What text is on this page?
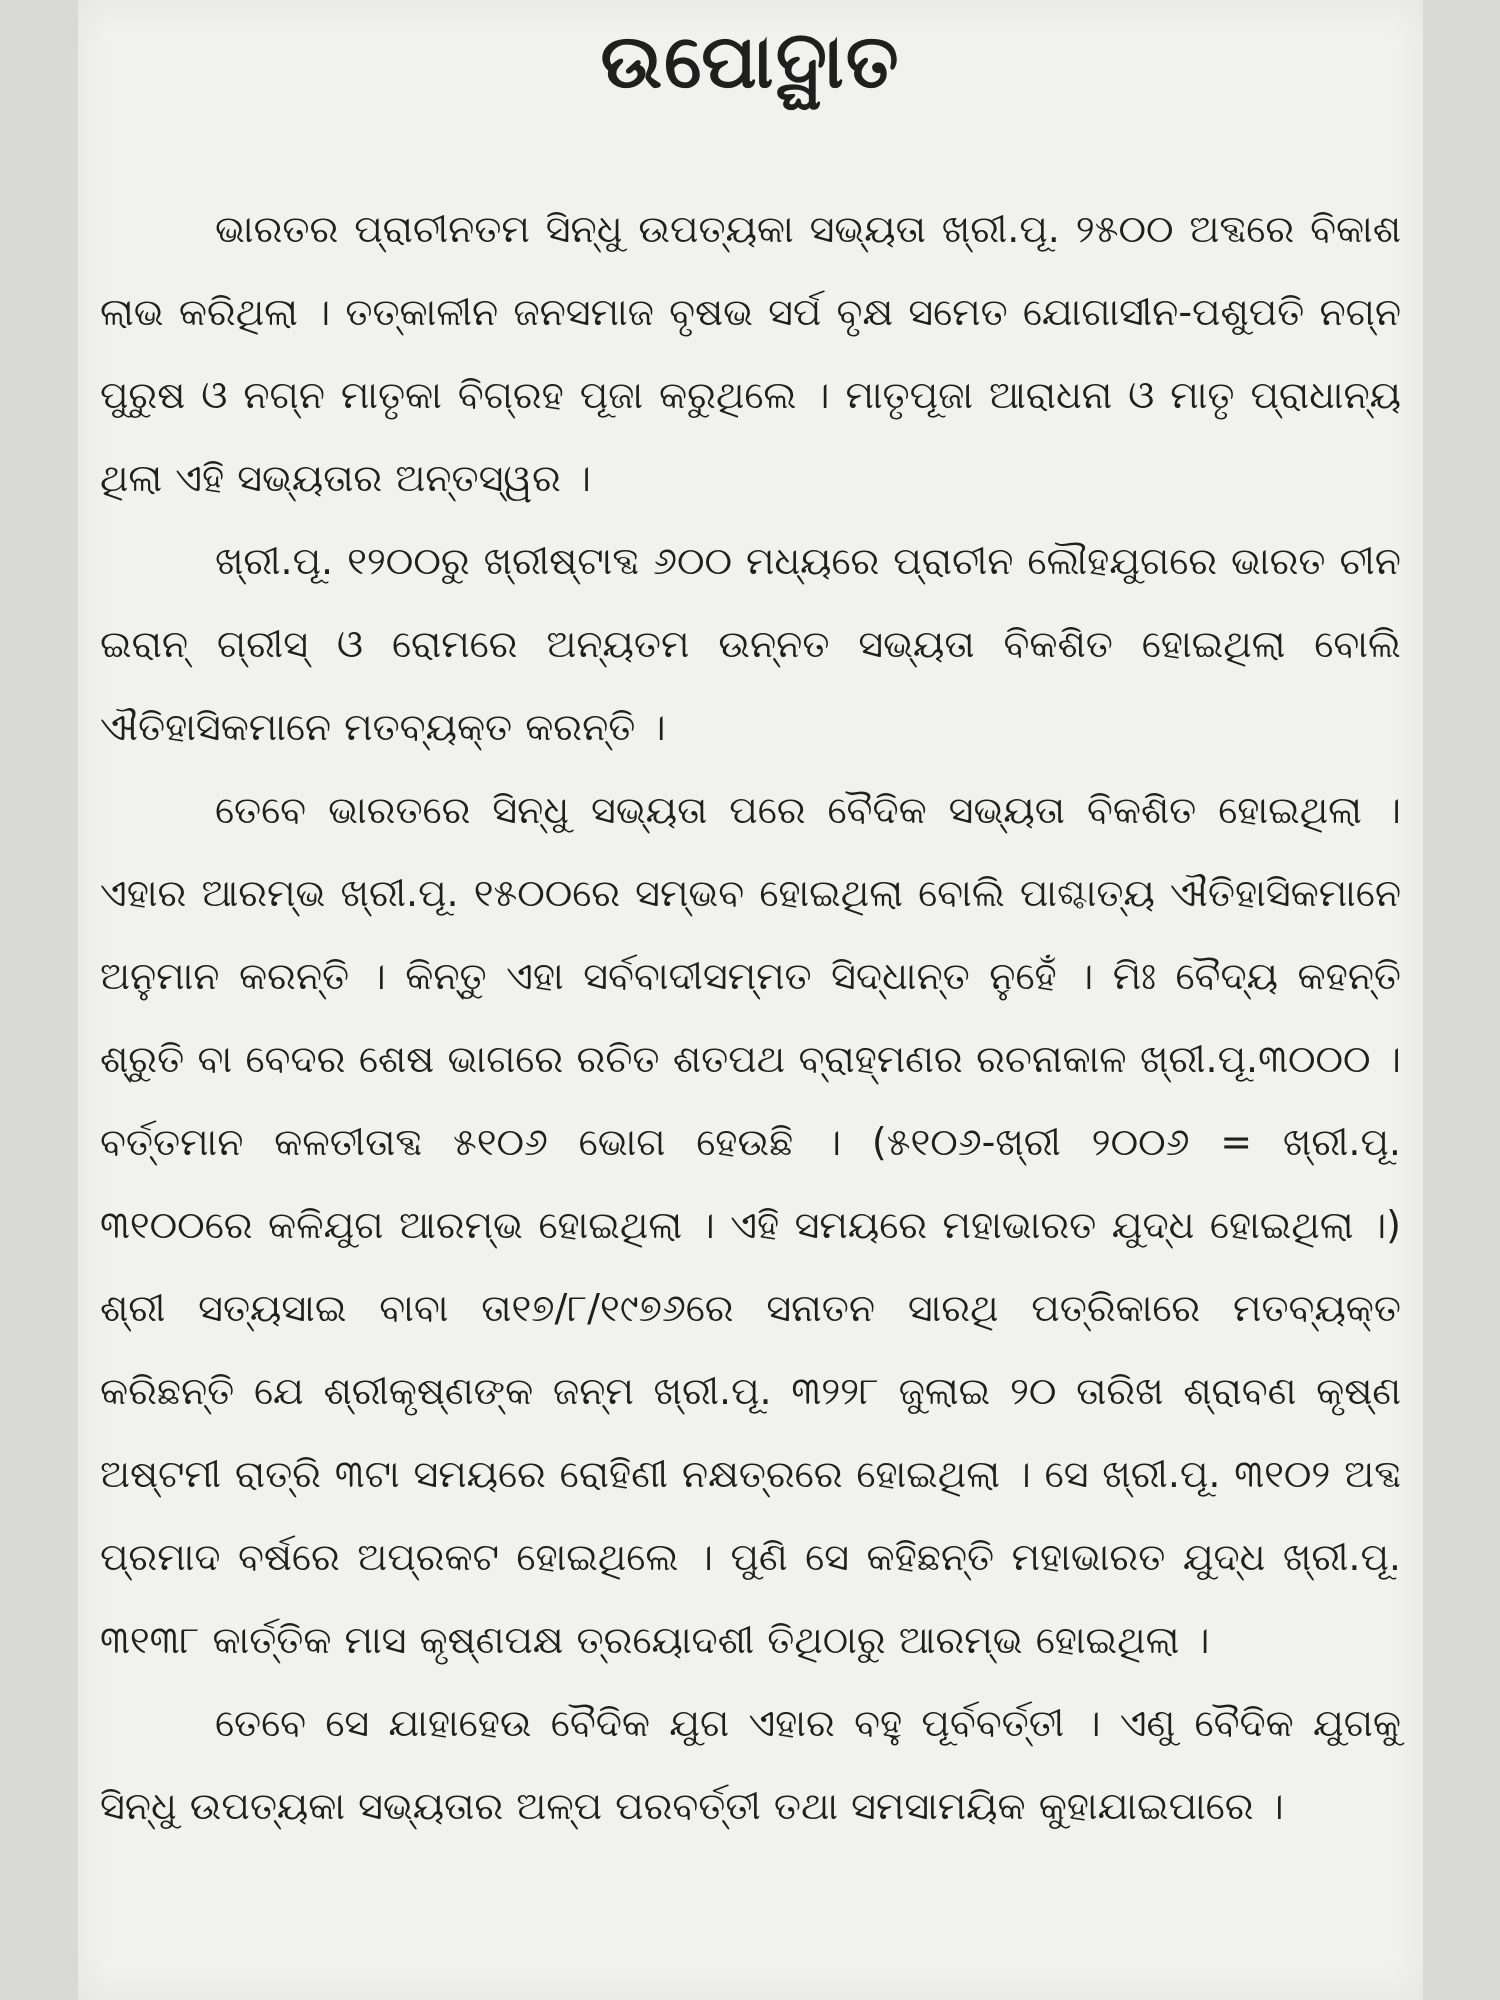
ଉପୋଦ୍ଘାତ

ଭାରତର ପ୍ରାଚୀନତମ ସିନ୍ଧୁ ଉପତ୍ୟକା ସଭ୍ୟତା ଖ୍ରୀ.ପୂ. ୨୫୦୦ ଅବ୍ଦରେ ବିକାଶ ଲାଭ କରିଥିଲା । ତତ୍କାଳୀନ ଜନସମାଜ ବୃଷଭ ସର୍ପ ବୃକ୍ଷ ସମେତ ଯୋଗାସୀନ-ପଶୁପତି ନଗ୍ନ ପୁରୁଷ ଓ ନଗ୍ନ ମାତୃକା ବିଗ୍ରହ ପୂଜା କରୁଥିଲେ । ମାତୃପୂଜା ଆରାଧନା ଓ ମାତୃ ପ୍ରାଧାନ୍ୟ ଥିଲା ଏହି ସଭ୍ୟତାର ଅନ୍ତସ୍ୱର ।

ଖ୍ରୀ.ପୂ. ୧୨୦୦ରୁ ଖ୍ରୀଷ୍ଟାବ୍ଦ ୬୦୦ ମଧ୍ୟରେ ପ୍ରାଚୀନ ଲୌହଯୁଗରେ ଭାରତ ଚୀନ ଇରାନ୍ ଗ୍ରୀସ୍ ଓ ରୋମରେ ଅନ୍ୟତମ ଉନ୍ନତ ସଭ୍ୟତା ବିକଶିତ ହୋଇଥିଲା ବୋଲି ଐତିହାସିକମାନେ ମତବ୍ୟକ୍ତ କରନ୍ତି ।

ତେବେ ଭାରତରେ ସିନ୍ଧୁ ସଭ୍ୟତା ପରେ ବୈଦିକ ସଭ୍ୟତା ବିକଶିତ ହୋଇଥିଲା । ଏହାର ଆରମ୍ଭ ଖ୍ରୀ.ପୂ. ୧୫୦୦ରେ ସମ୍ଭବ ହୋଇଥିଲା ବୋଲି ପାଶ୍ଚାତ୍ୟ ଐତିହାସିକମାନେ ଅନୁମାନ କରନ୍ତି । କିନ୍ତୁ ଏହା ସର୍ବବାଦୀସମ୍ମତ ସିଦ୍ଧାନ୍ତ ନୁହେଁ । ମିଃ ବୈଦ୍ୟ କହନ୍ତି ଶ୍ରୁତି ବା ବେଦର ଶେଷ ଭାଗରେ ରଚିତ ଶତପଥ ବ୍ରାହ୍ମଣର ରଚନାକାଳ ଖ୍ରୀ.ପୂ.୩୦୦୦ । ବର୍ତ୍ତମାନ କଳତୀତାବ୍ଦ ୫୧୦୬ ଭୋଗ ହେଉଛି । (୫୧୦୬-ଖ୍ରୀ ୨୦୦୬ = ଖ୍ରୀ.ପୂ. ୩୧୦୦ରେ କଳିଯୁଗ ଆରମ୍ଭ ହୋଇଥିଲା । ଏହି ସମୟରେ ମହାଭାରତ ଯୁଦ୍ଧ ହୋଇଥିଲା ।) ଶ୍ରୀ ସତ୍ୟସାଇ ବାବା ତା୧୭/୮/୧୯୭୬ରେ ସନାତନ ସାରଥି ପତ୍ରିକାରେ ମତବ୍ୟକ୍ତ କରିଛନ୍ତି ଯେ ଶ୍ରୀକୃଷ୍ଣଙ୍କ ଜନ୍ମ ଖ୍ରୀ.ପୂ. ୩୨୨୮ ଜୁଲାଇ ୨୦ ତାରିଖ ଶ୍ରାବଣ କୃଷ୍ଣ ଅଷ୍ଟମୀ ରାତ୍ରି ୩ଟା ସମୟରେ ରୋହିଣୀ ନକ୍ଷତ୍ରରେ ହୋଇଥିଲା । ସେ ଖ୍ରୀ.ପୂ. ୩୧୦୨ ଅବ୍ଦ ପ୍ରମାଦ ବର୍ଷରେ ଅପ୍ରକଟ ହୋଇଥିଲେ । ପୁଣି ସେ କହିଛନ୍ତି ମହାଭାରତ ଯୁଦ୍ଧ ଖ୍ରୀ.ପୂ. ୩୧୩୮ କାର୍ତ୍ତିକ ମାସ କୃଷ୍ଣପକ୍ଷ ତ୍ରୟୋଦଶୀ ତିଥିଠାରୁ ଆରମ୍ଭ ହୋଇଥିଲା ।

ତେବେ ସେ ଯାହାହେଉ ବୈଦିକ ଯୁଗ ଏହାର ବହୁ ପୂର୍ବବର୍ତ୍ତୀ । ଏଣୁ ବୈଦିକ ଯୁଗକୁ ସିନ୍ଧୁ ଉପତ୍ୟକା ସଭ୍ୟତାର ଅଳ୍ପ ପରବର୍ତ୍ତୀ ତଥା ସମସାମୟିକ କୁହାଯାଇପାରେ ।
